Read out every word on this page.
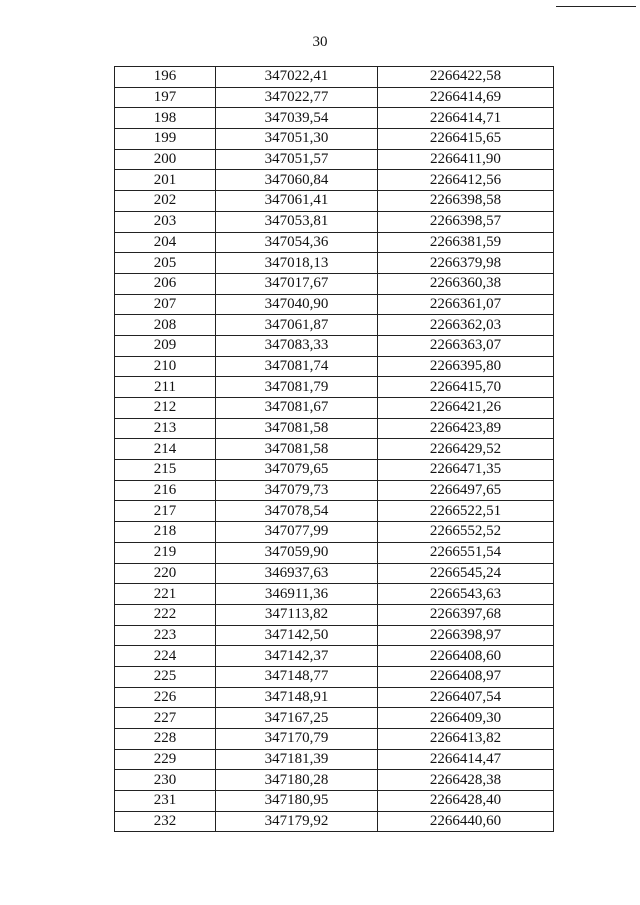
30
196	347022,41	2266422,58
197	347022,77	2266414,69
198	347039,54	2266414,71
199	347051,30	2266415,65
200	347051,57	2266411,90
201	347060,84	2266412,56
202	347061,41	2266398,58
203	347053,81	2266398,57
204	347054,36	2266381,59
205	347018,13	2266379,98
206	347017,67	2266360,38
207	347040,90	2266361,07
208	347061,87	2266362,03
209	347083,33	2266363,07
210	347081,74	2266395,80
211	347081,79	2266415,70
212	347081,67	2266421,26
213	347081,58	2266423,89
214	347081,58	2266429,52
215	347079,65	2266471,35
216	347079,73	2266497,65
217	347078,54	2266522,51
218	347077,99	2266552,52
219	347059,90	2266551,54
220	346937,63	2266545,24
221	346911,36	2266543,63
222	347113,82	2266397,68
223	347142,50	2266398,97
224	347142,37	2266408,60
225	347148,77	2266408,97
226	347148,91	2266407,54
227	347167,25	2266409,30
228	347170,79	2266413,82
229	347181,39	2266414,47
230	347180,28	2266428,38
231	347180,95	2266428,40
232	347179,92	2266440,60
